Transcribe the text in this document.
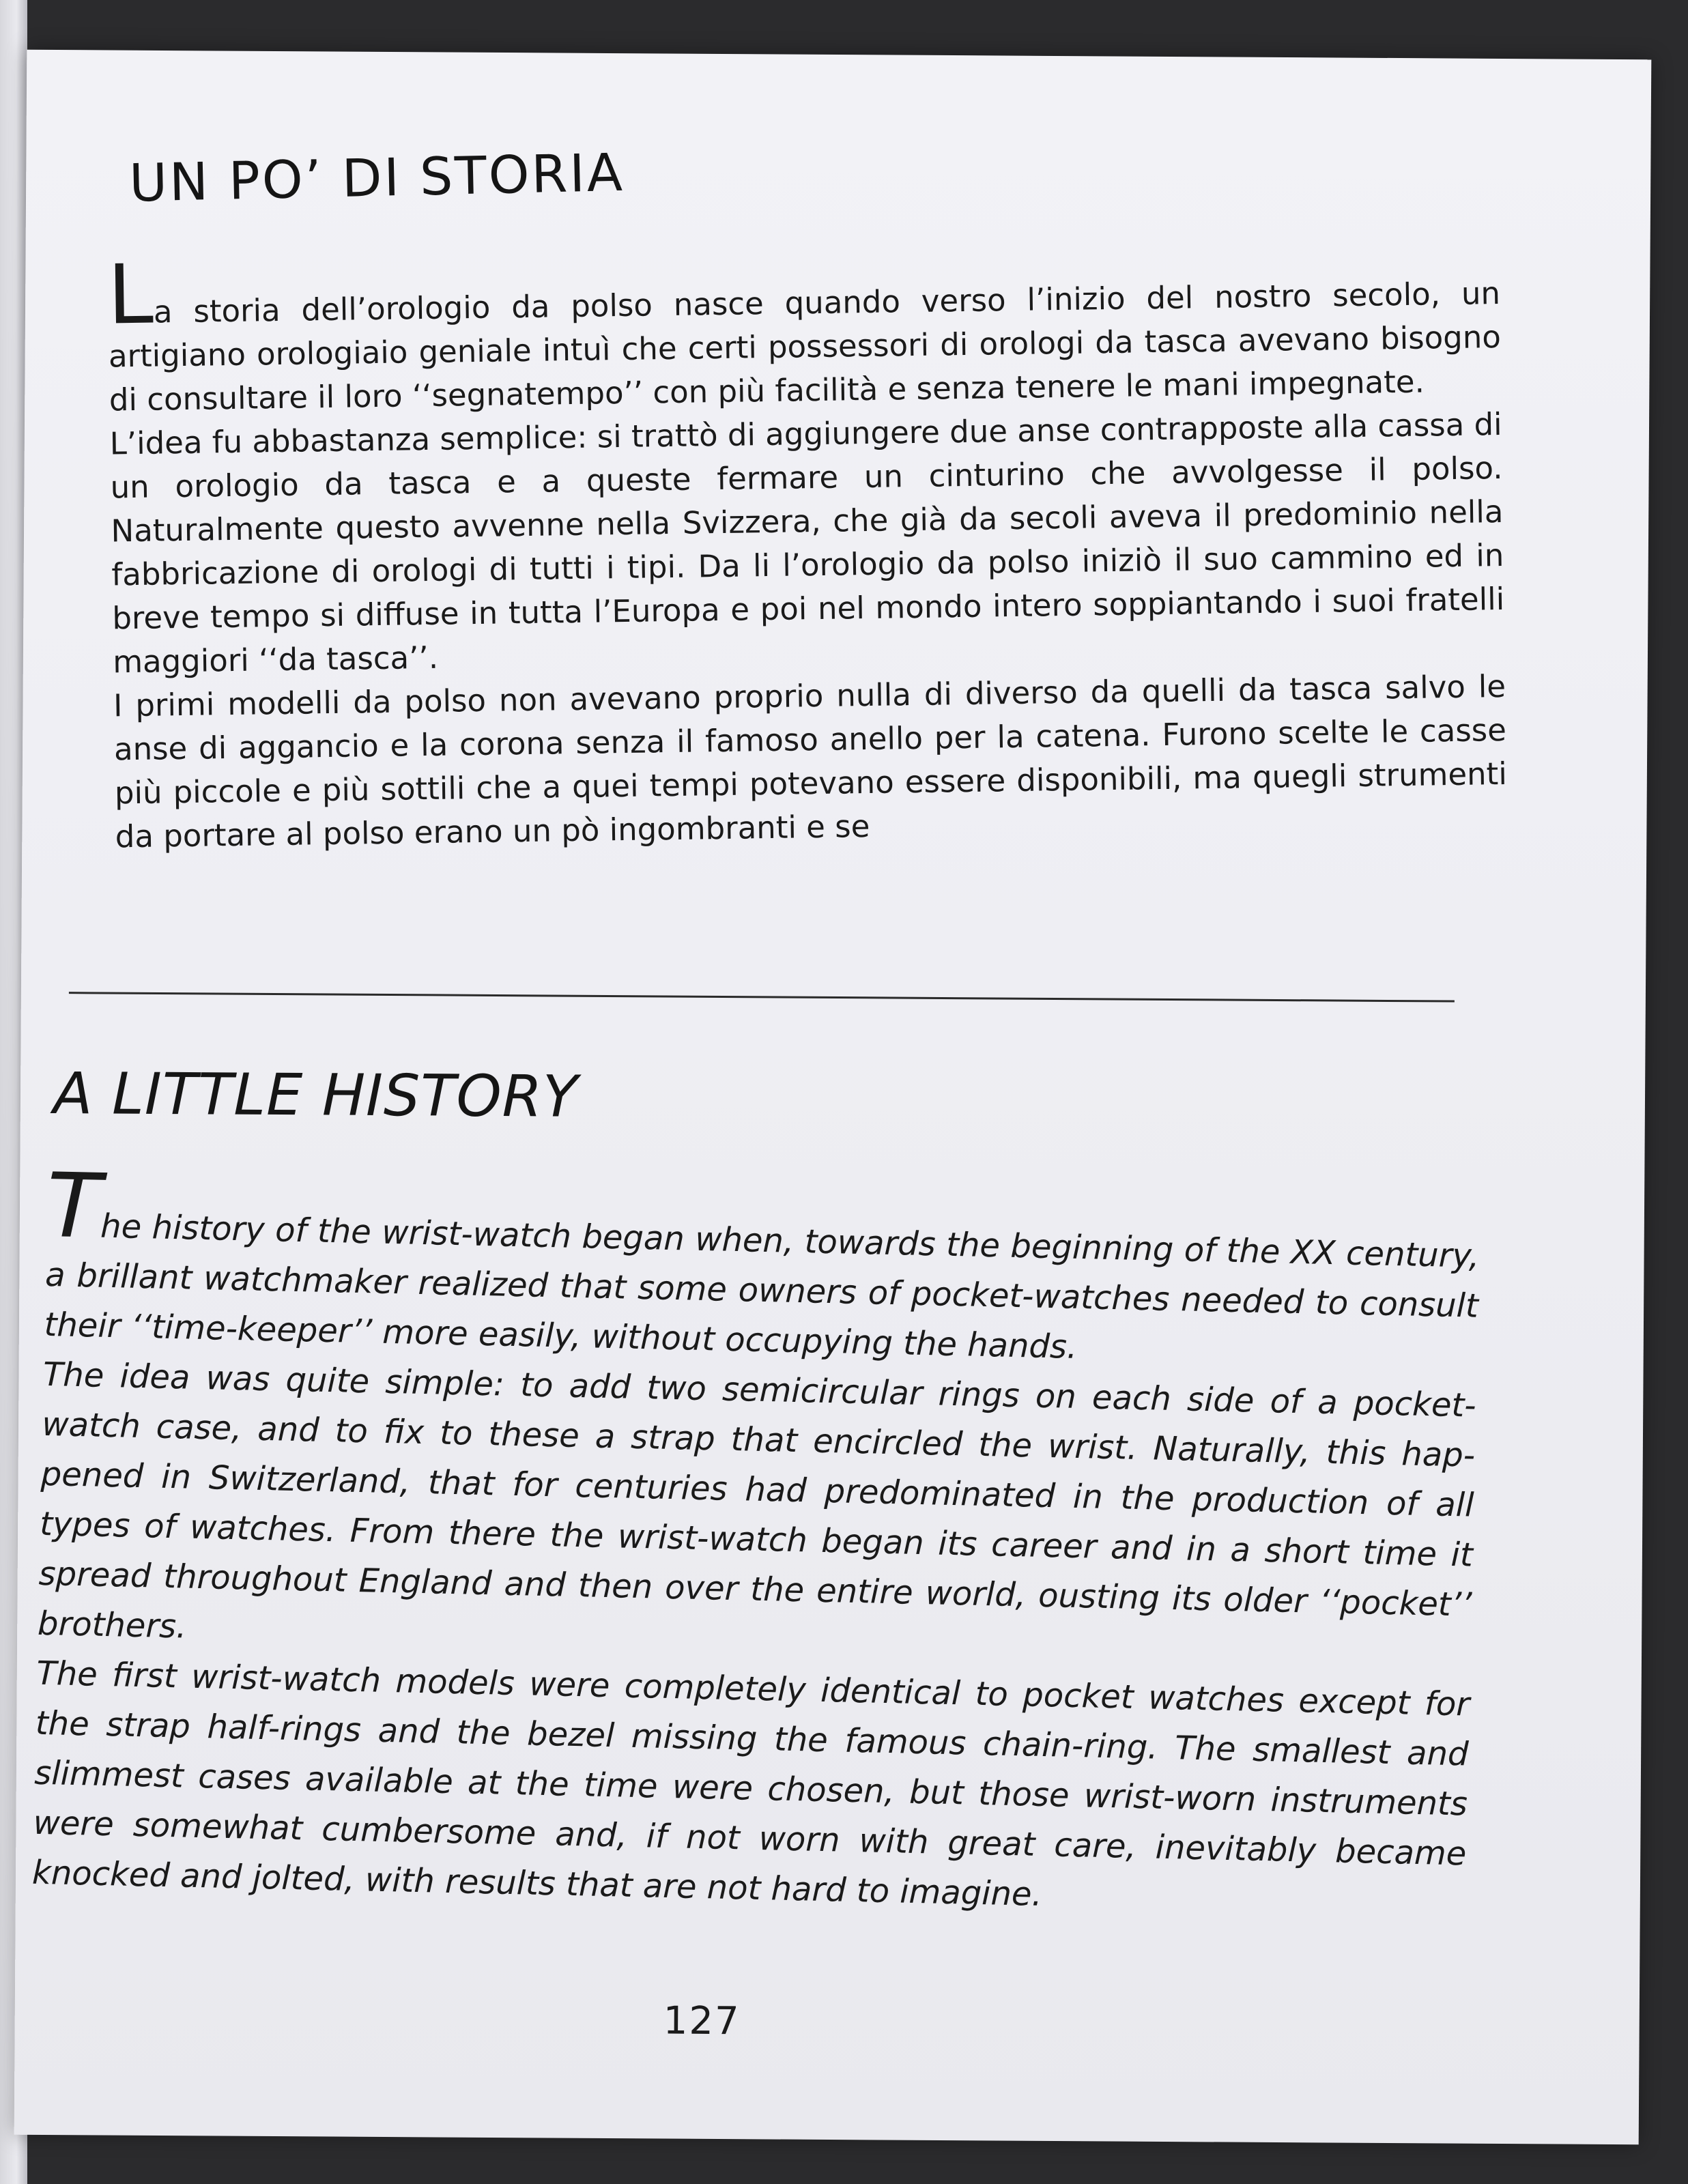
UN PO’ DI STORIA

La storia dell’orologio da polso nasce quando verso l’inizio del nostro secolo, un artigiano orologiaio geniale intuì che certi possessori di orologi da tasca avevano bisogno di consultare il loro ‘‘segnatempo’’ con più facilità e senza tenere le mani impegnate.

L’idea fu abbastanza semplice: si trattò di aggiungere due anse contrapposte alla cassa di un orologio da tasca e a queste fermare un cinturino che avvolgesse il polso. Naturalmente questo avvenne nella Svizzera, che già da secoli aveva il predominio nella fabbricazione di orologi di tutti i tipi. Da li l’orologio da polso iniziò il suo cammino ed in breve tempo si diffuse in tutta l’Europa e poi nel mondo intero soppiantando i suoi fratelli maggiori ‘‘da tasca’’.

I primi modelli da polso non avevano proprio nulla di diverso da quelli da tasca salvo le anse di aggancio e la corona senza il famoso anello per la catena. Furono scelte le casse più piccole e più sottili che a quei tempi potevano essere disponibili, ma quegli strumenti da portare al polso erano un pò ingombranti e se

A LITTLE HISTORY

The history of the wrist-watch began when, towards the beginning of the XX century, a brillant watchmaker realized that some owners of pocket-watches needed to consult their ‘‘time-keeper’’ more easily, without occupying the hands.

The idea was quite simple: to add two semicircular rings on each side of a pocket-watch case, and to fix to these a strap that encircled the wrist. Naturally, this happened in Switzerland, that for centuries had predominated in the production of all types of watches. From there the wrist-watch began its career and in a short time it spread throughout England and then over the entire world, ousting its older ‘‘pocket’’ brothers.

The first wrist-watch models were completely identical to pocket watches except for the strap half-rings and the bezel missing the famous chain-ring. The smallest and slimmest cases available at the time were chosen, but those wrist-worn instruments were somewhat cumbersome and, if not worn with great care, inevitably became knocked and jolted, with results that are not hard to imagine.

127
